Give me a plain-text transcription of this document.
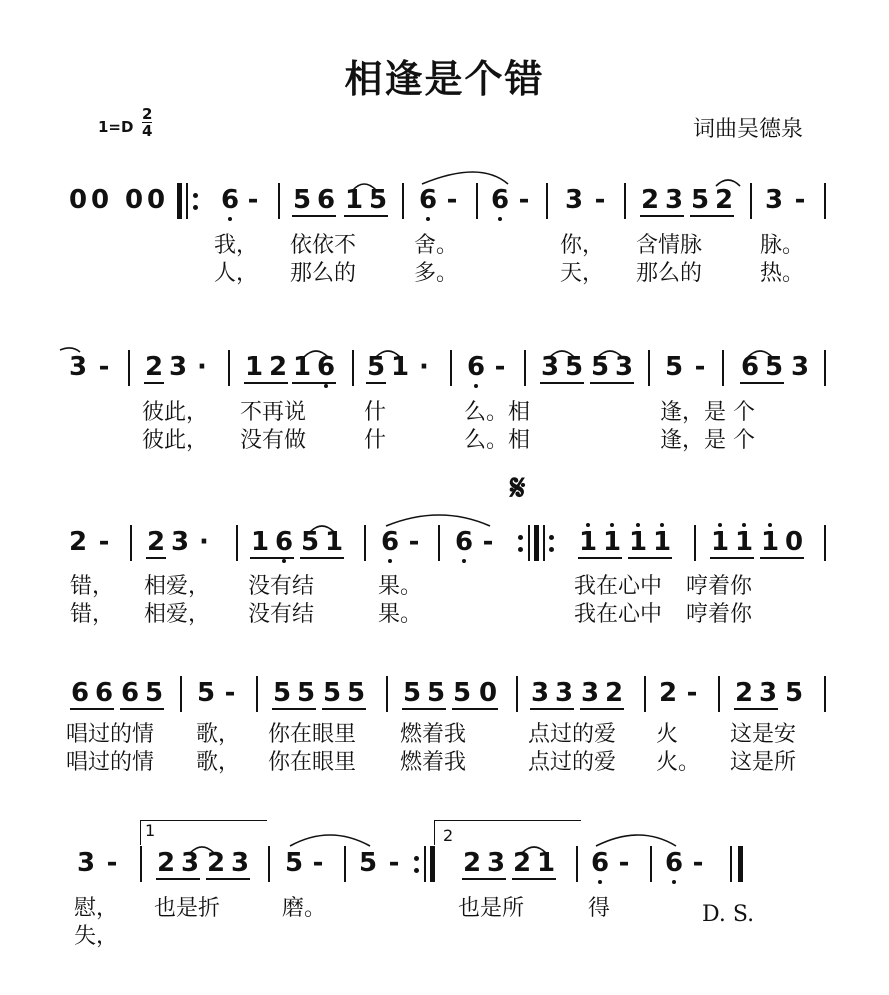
相逢是个错
$1=D \frac{2}{4}$	词曲吴德泉
0 0 0 0 6 - 5 6 1 5 6 - 6 - 3 - 2 3 5 2 3 -
我， 依依不	舍。	你， 含情脉	脉。
人， 那么的	多。	天， 那么的	热。
3 - 2 3 · 1 2 1 6 5 1 · 6 - 3 5 5 3 5 - 6 5 3
彼此， 不再说	什	么。相	逢，是 个
彼此， 没有做	什	么。相	逢，是 个
𝄋
2 - 2 3 · 1 6 5 1 6 - 6 -	1 1 1 1 1 1 1 0
错， 相爱， 没有结	果。	我在心中 哼着你
错， 相爱， 没有结	果。	我在心中 哼着你
6 6 6 5 5 - 5 5 5 5 5 5 5 0 3 3 3 2 2 - 2 3 5
唱过的情 歌， 你在眼里 燃着我	点过的爱 火 这是安
唱过的情 歌， 你在眼里 燃着我	点过的爱 火。 这是所
1	2
3 - 2 3 2 3 5 - 5 - 2 3 2 1 6 - 6 -
慰， 也是折	磨。	也是所	得
失，
D. S.
